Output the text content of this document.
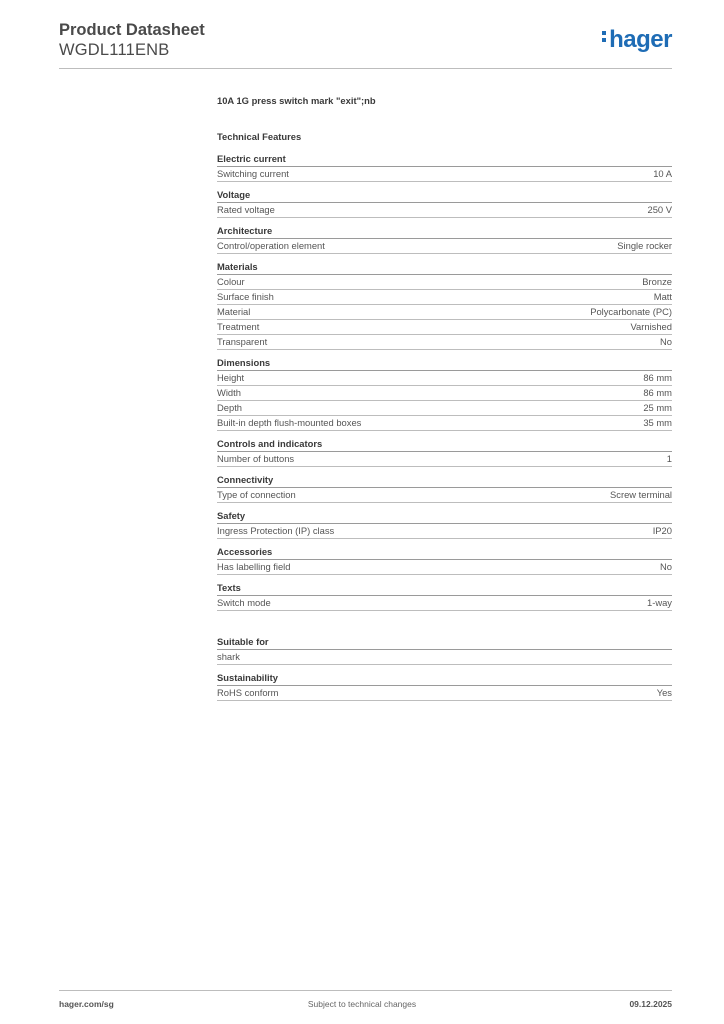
Product Datasheet
WGDL111ENB	hager
10A 1G press switch mark "exit";nb
Technical Features
Electric current
Switching current	10 A
Voltage
Rated voltage	250 V
Architecture
Control/operation element	Single rocker
Materials
Colour	Bronze
Surface finish	Matt
Material	Polycarbonate (PC)
Treatment	Varnished
Transparent	No
Dimensions
Height	86 mm
Width	86 mm
Depth	25 mm
Built-in depth flush-mounted boxes	35 mm
Controls and indicators
Number of buttons	1
Connectivity
Type of connection	Screw terminal
Safety
Ingress Protection (IP) class	IP20
Accessories
Has labelling field	No
Texts
Switch mode	1-way
Suitable for
shark
Sustainability
RoHS conform	Yes
hager.com/sg	Subject to technical changes	09.12.2025
